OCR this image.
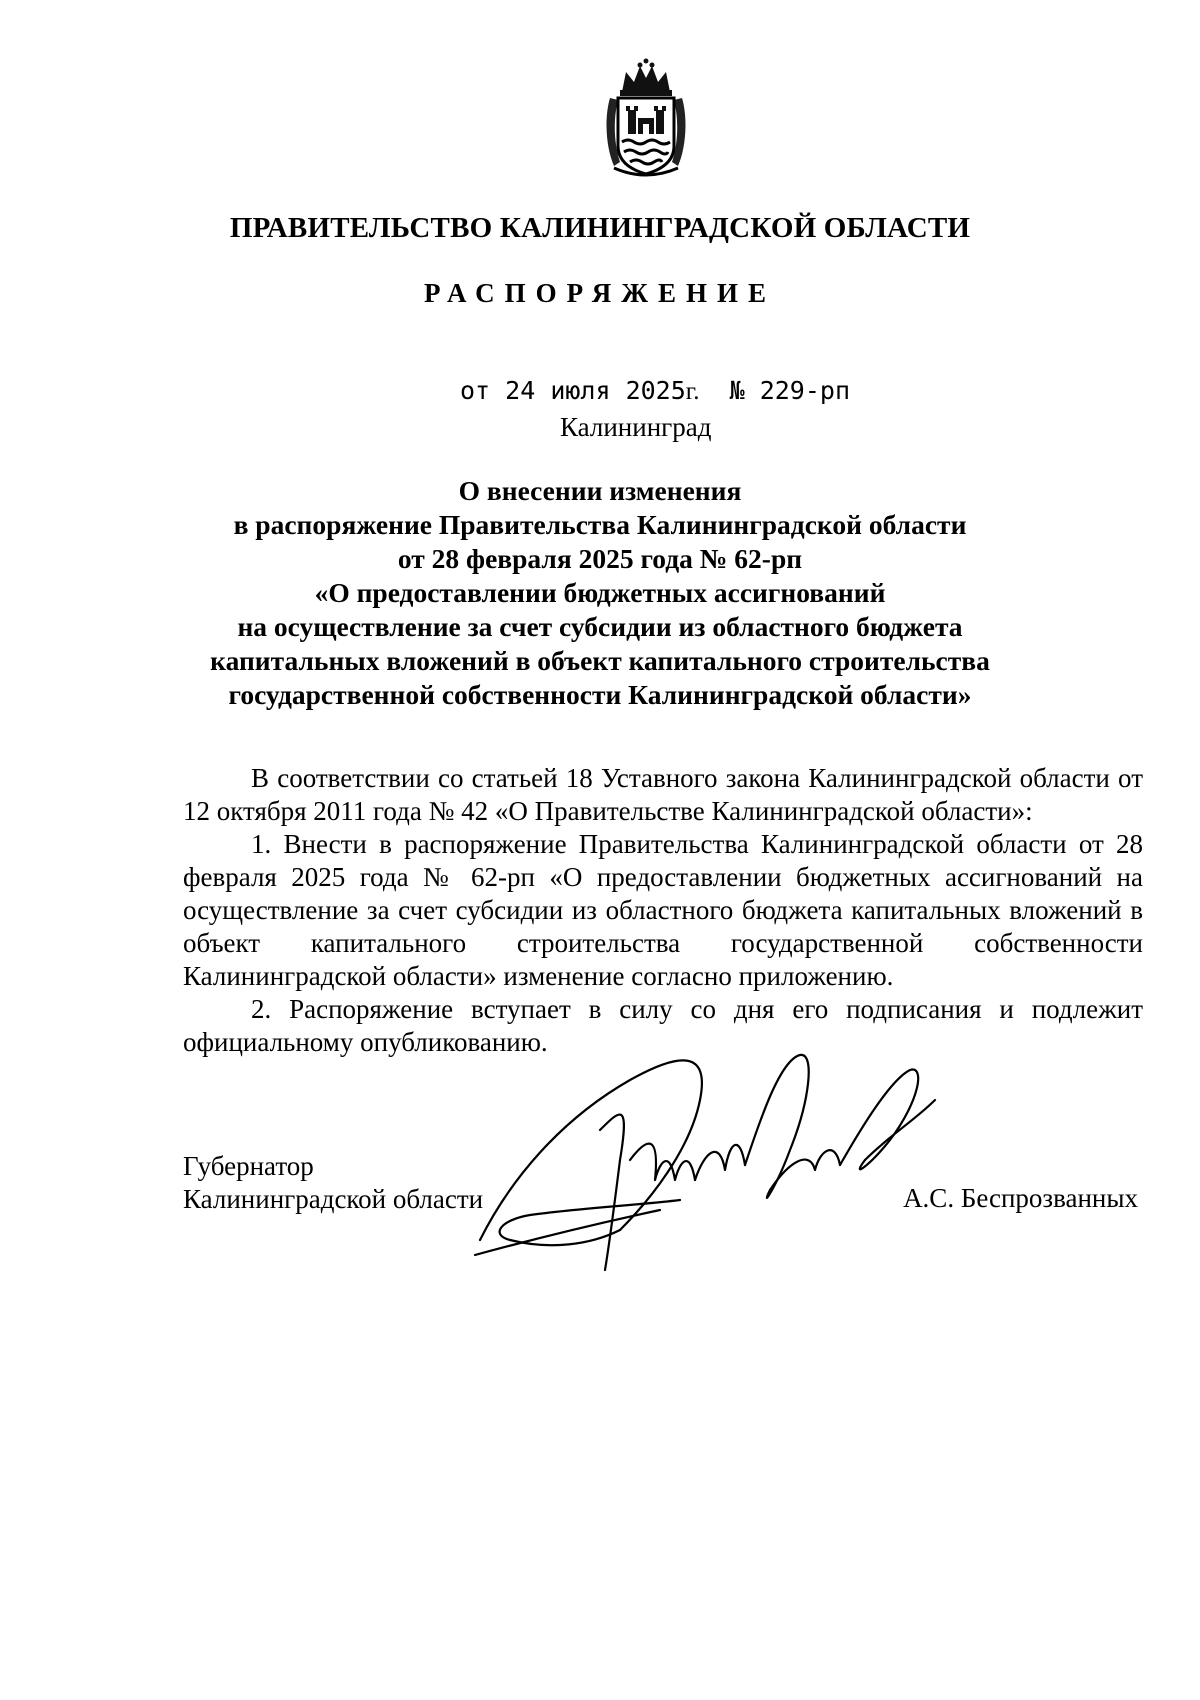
ПРАВИТЕЛЬСТВО КАЛИНИНГРАДСКОЙ ОБЛАСТИ
РАСПОРЯЖЕНИЕ
от 24 июля 2025г. № 229-рп
Калининград
О внесении изменения
в распоряжение Правительства Калининградской области
от 28 февраля 2025 года № 62-рп
«О предоставлении бюджетных ассигнований
на осуществление за счет субсидии из областного бюджета
капитальных вложений в объект капитального строительства
государственной собственности Калининградской области»

В соответствии со статьей 18 Уставного закона Калининградской области от 12 октября 2011 года № 42 «О Правительстве Калининградской области»:

1. Внести в распоряжение Правительства Калининградской области от 28 февраля 2025 года № 62-рп «О предоставлении бюджетных ассигнований на осуществление за счет субсидии из областного бюджета капитальных вложений в объект капитального строительства государственной собственности Калининградской области» изменение согласно приложению.

2. Распоряжение вступает в силу со дня его подписания и подлежит официальному опубликованию.

Губернатор
Калининградской области	А.С. Беспрозванных
